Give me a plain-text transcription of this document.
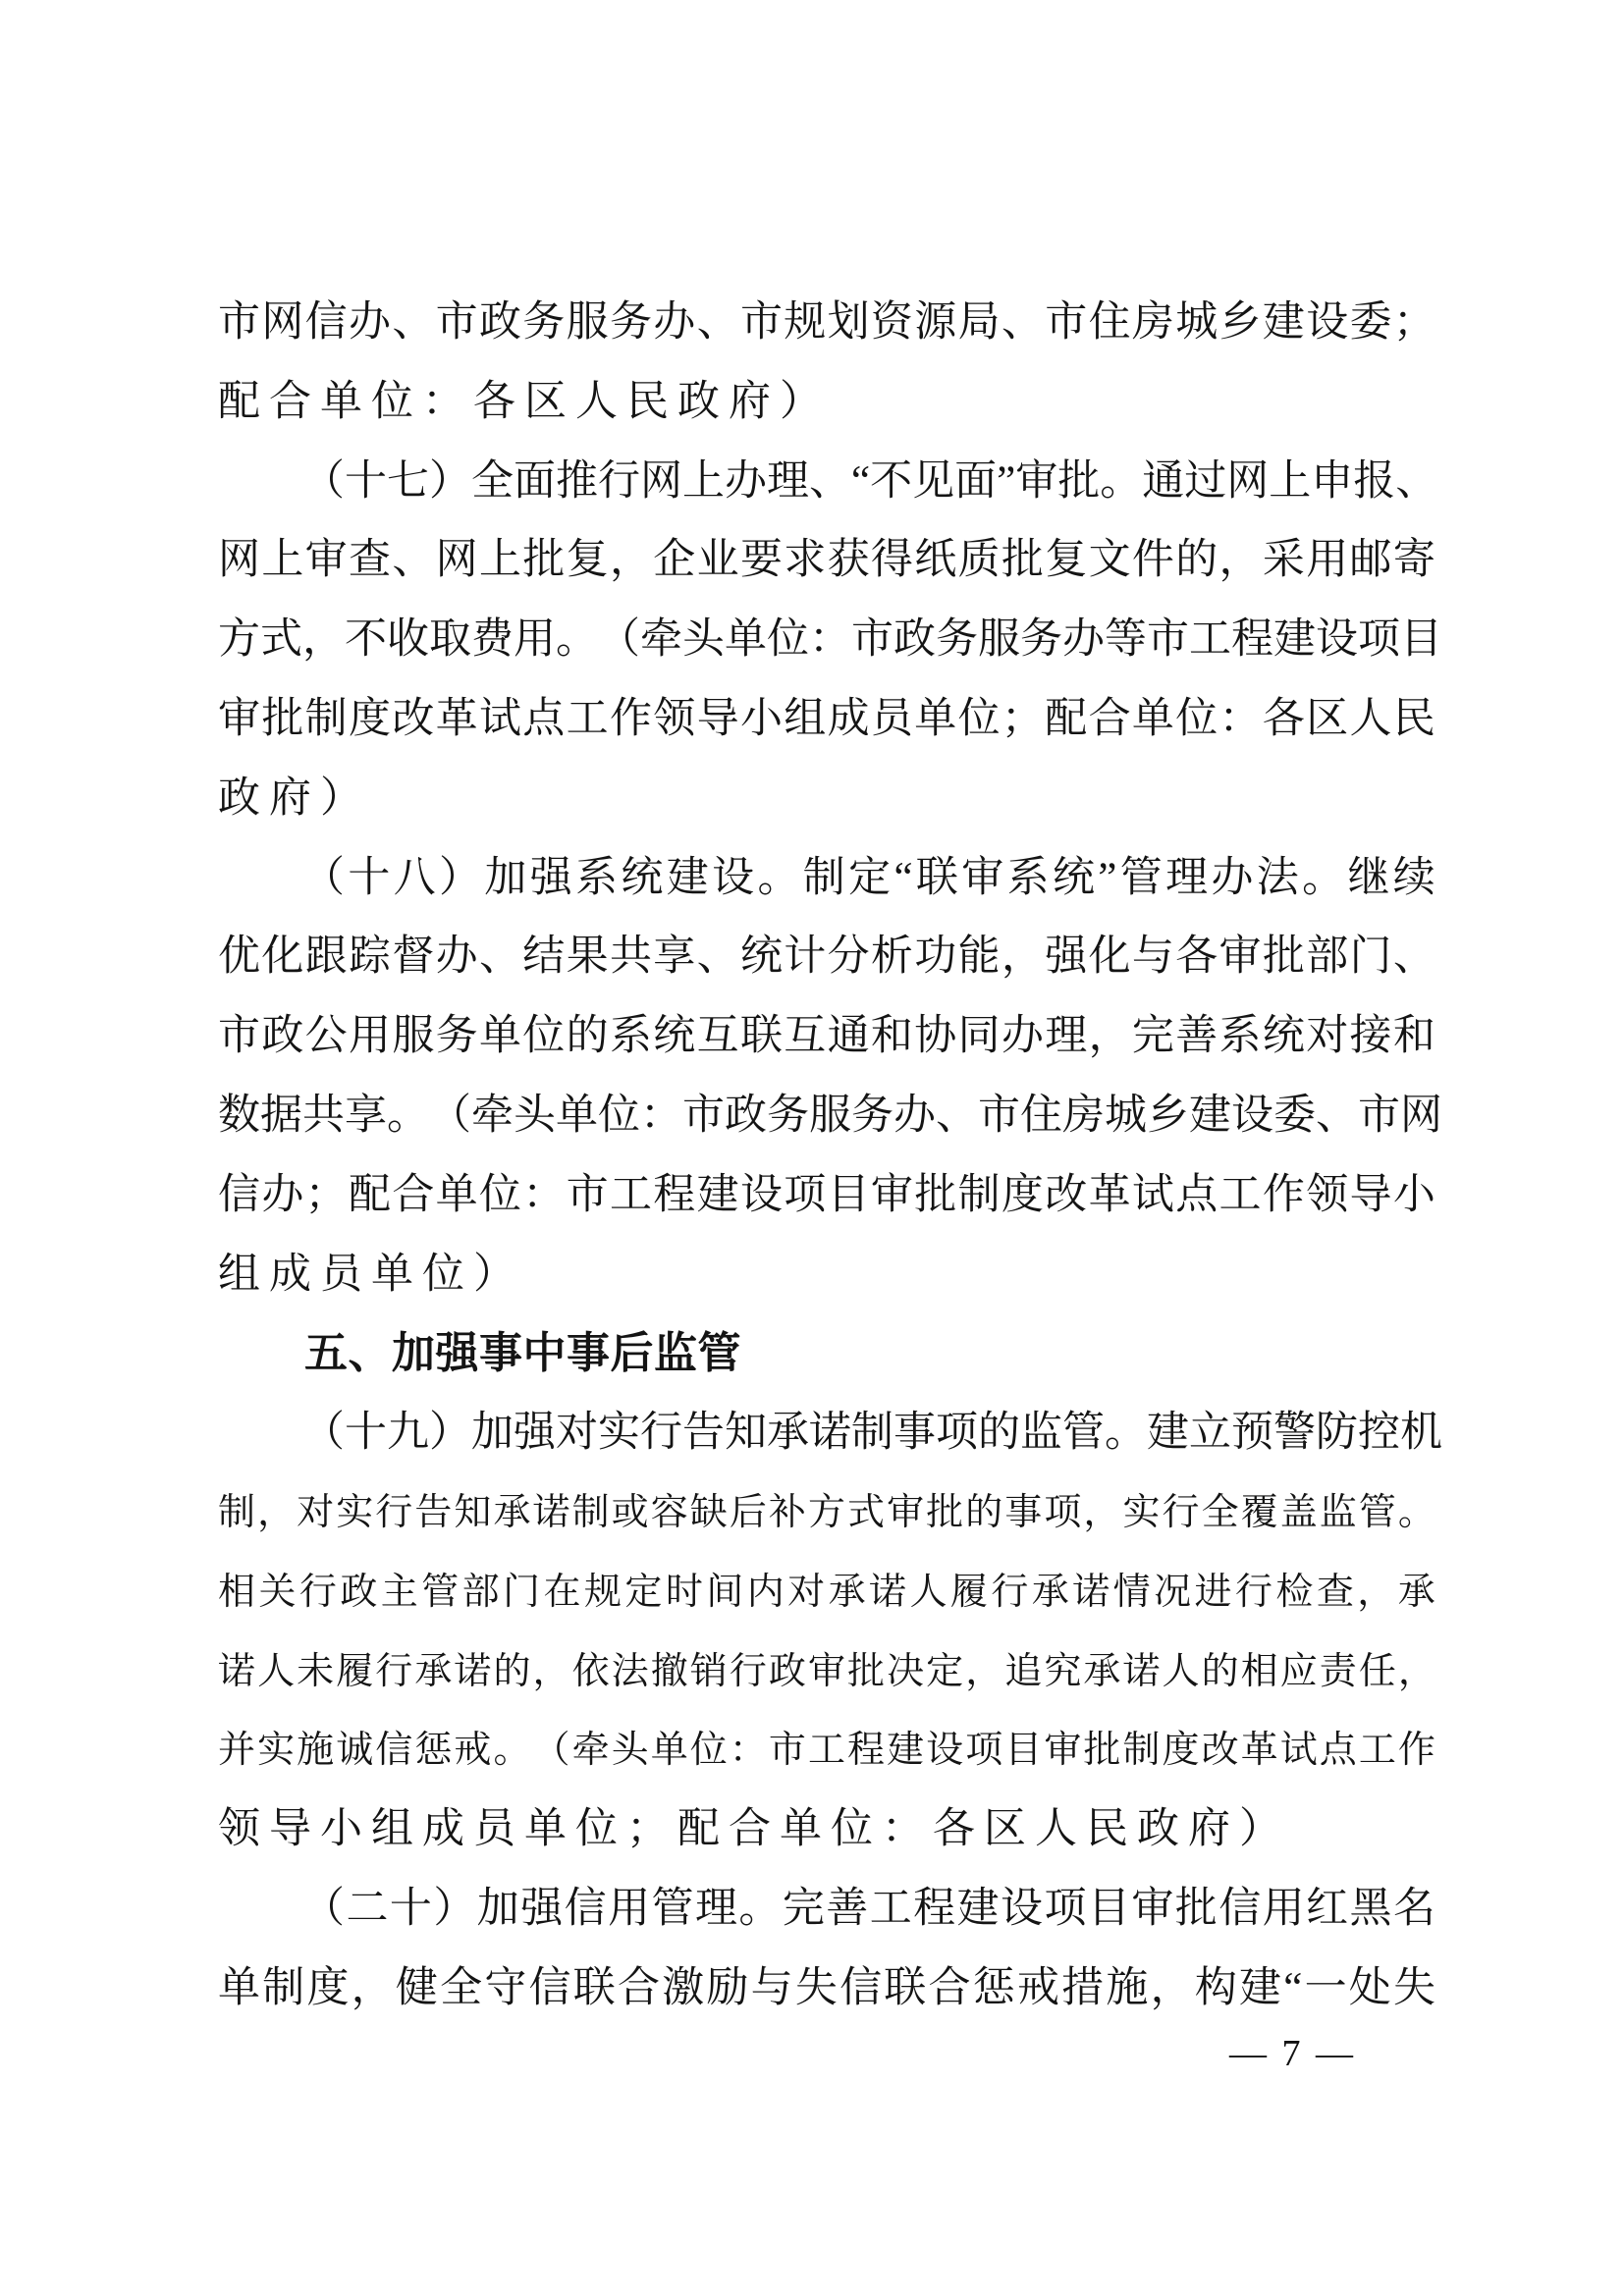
市 网 信 办 、 市 政 务 服 务 办 、 市 规 划 资 源 局 、 市 住 房 城 乡 建 设 委 ；
配合单位：各区人民政府）
（ 十 七 ） 全 面 推 行 网 上 办 理 、 “ 不 见 面 ” 审 批 。 通 过 网 上 申 报 、
网 上 审 查 、 网 上 批 复 ， 企 业 要 求 获 得 纸 质 批 复 文 件 的 ， 采 用 邮 寄
方 式 ， 不 收 取 费 用 。 （ 牵 头 单 位 ： 市 政 务 服 务 办 等 市 工 程 建 设 项 目
审 批 制 度 改 革 试 点 工 作 领 导 小 组 成 员 单 位 ； 配 合 单 位 ： 各 区 人 民
政府）
（ 十 八 ） 加 强 系 统 建 设 。 制 定 “ 联 审 系 统 ” 管 理 办 法 。 继 续
优 化 跟 踪 督 办 、 结 果 共 享 、 统 计 分 析 功 能 ， 强 化 与 各 审 批 部 门 、
市 政 公 用 服 务 单 位 的 系 统 互 联 互 通 和 协 同 办 理 ， 完 善 系 统 对 接 和
数 据 共 享 。 （ 牵 头 单 位 ： 市 政 务 服 务 办 、 市 住 房 城 乡 建 设 委 、 市 网
信 办 ； 配 合 单 位 ： 市 工 程 建 设 项 目 审 批 制 度 改 革 试 点 工 作 领 导 小
组成员单位）
五、加强事中事后监管
（ 十 九 ） 加 强 对 实 行 告 知 承 诺 制 事 项 的 监 管 。 建 立 预 警 防 控 机
制 ， 对 实 行 告 知 承 诺 制 或 容 缺 后 补 方 式 审 批 的 事 项 ， 实 行 全 覆 盖 监 管 。
相 关 行 政 主 管 部 门 在 规 定 时 间 内 对 承 诺 人 履 行 承 诺 情 况 进 行 检 查 ， 承
诺 人 未 履 行 承 诺 的 ， 依 法 撤 销 行 政 审 批 决 定 ， 追 究 承 诺 人 的 相 应 责 任 ，
并 实 施 诚 信 惩 戒 。 （ 牵 头 单 位 ： 市 工 程 建 设 项 目 审 批 制 度 改 革 试 点 工 作
领导小组成员单位；配合单位：各区人民政府）
（ 二 十 ） 加 强 信 用 管 理 。 完 善 工 程 建 设 项 目 审 批 信 用 红 黑 名
单 制 度 ， 健 全 守 信 联 合 激 励 与 失 信 联 合 惩 戒 措 施 ， 构 建 “ 一 处 失
— 7 —
